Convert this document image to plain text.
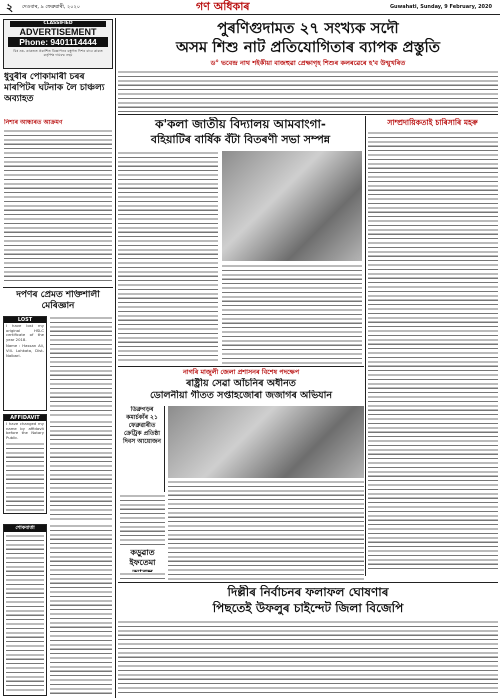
২ দেওবাৰ, ৯ ফেব্ৰুৱাৰী, ২০২০	গণ অধিকাৰ	Guwahati, Sunday, 9 February, 2020
CLASSIFIED
ADVERTISEMENT
Phone: 9401114444
বিঃ দ্ৰঃ- কাকতত প্ৰকাশিত বিজ্ঞাপনৰ বস্তুগত দিশৰ বাবে কাকত কৰ্তৃপক্ষ দায়বদ্ধ নহয়
ধুবুৰীৰ পোকামাৰী চৰৰ মাৰপিটৰ ঘটনাক লৈ চাঞ্চল্য অব্যাহত
নিশাৰ আন্ধাৰত আক্ৰমণ
দৰ্পণৰ প্ৰেমত শক্তিশালী মেৰিজ্ঞান
LOST
I have lost my original HSLC certificate of the year 2018.
Name : Hassan Ali, Vill- Lohkata, Dist- Nalbari.
AFFIDAVIT
I have changed my name by affidavit before the Notary Public.
শোকবাৰ্তা
পুৰণিগুদামত ২৭ সংখ্যক সদৌ
অসম শিশু নাট প্ৰতিযোগিতাৰ ব্যাপক প্ৰস্তুতি
ড° ভবেন্দ্ৰ নাথ শইকীয়া বাজহুৱা প্ৰেক্ষাগৃহ শিশুৰ কলৰৱেৰে হ'ব উন্মুখৰিত
ক'কলা জাতীয় বিদ্যালয় আমবাংগা-
বহিয়াটিৰ বাৰ্ষিক বঁটা বিতৰণী সভা সম্পন্ন
সাম্প্ৰদায়িকতাই চাৰিসাৰি মহৰু
নাগৰি মাজুলী জেলা প্ৰশাসনৰ বিশেষ পদক্ষেপ
ৰাষ্ট্ৰীয় সেৱা আঁচনিৰ অধীনত
ডোলনীয়া গীতত সপ্তাহজোৰা জজাগৰ অভিযান
ডিব্ৰুগড়ৰ কমাৰ্চকাঁৰ ২১ ফেব্ৰুৱাৰীত ক্ৰেট্ৰিক প্ৰতিষ্ঠা দিবস আয়োজন
কড়ুৱাত ইফতেমা
দিল্লীৰ নিৰ্বাচনৰ ফলাফল ঘোষণাৰ
পিছতেই উফলুৰ চাইন্দেট জিলা বিজেপি
